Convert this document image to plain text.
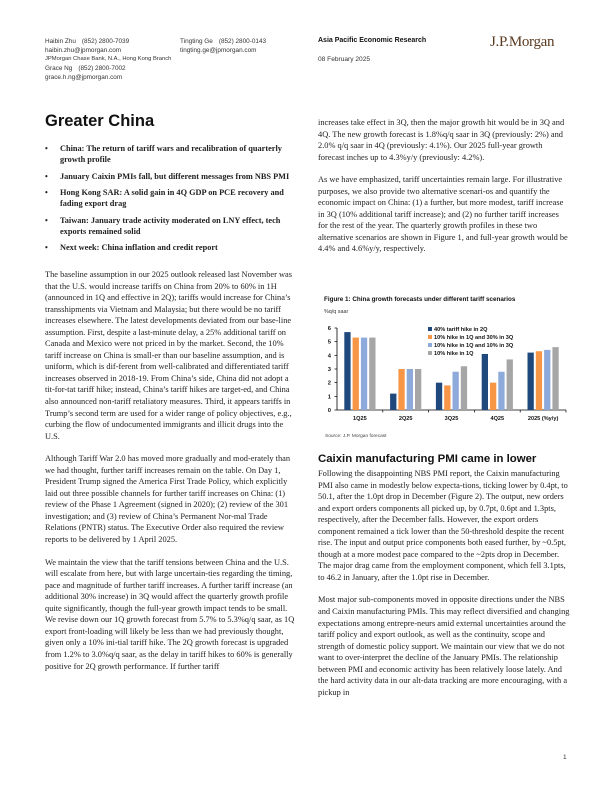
Haibin Zhu (852) 2800-7039
haibin.zhu@jpmorgan.com
JPMorgan Chase Bank, N.A., Hong Kong Branch
Grace Ng (852) 2800-7002
grace.h.ng@jpmorgan.com
Tingting Ge (852) 2800-0143
tingting.ge@jpmorgan.com
Asia Pacific Economic Research
08 February 2025
J.P.Morgan
Greater China
• China: The return of tariff wars and recalibration of quarterly growth profile
• January Caixin PMIs fall, but different messages from NBS PMI
• Hong Kong SAR: A solid gain in 4Q GDP on PCE recovery and fading export drag
• Taiwan: January trade activity moderated on LNY effect, tech exports remained solid
• Next week: China inflation and credit report

The baseline assumption in our 2025 outlook released last November was that the U.S. would increase tariffs on China from 20% to 60% in 1H (announced in 1Q and effective in 2Q); tariffs would increase for China’s transshipments via Vietnam and Malaysia; but there would be no tariff increases elsewhere. The latest developments deviated from our base-line assumption. First, despite a last-minute delay, a 25% additional tariff on Canada and Mexico were not priced in by the market. Second, the 10% tariff increase on China is small-er than our baseline assumption, and is uniform, which is dif-ferent from well-calibrated and differentiated tariff increases observed in 2018-19. From China’s side, China did not adopt a tit-for-tat tariff hike; instead, China’s tariff hikes are target-ed, and China also announced non-tariff retaliatory measures. Third, it appears tariffs in Trump’s second term are used for a wider range of policy objectives, e.g., curbing the flow of undocumented immigrants and illicit drugs into the U.S.

Although Tariff War 2.0 has moved more gradually and mod-erately than we had thought, further tariff increases remain on the table. On Day 1, President Trump signed the America First Trade Policy, which explicitly laid out three possible channels for further tariff increases on China: (1) review of the Phase 1 Agreement (signed in 2020); (2) review of the 301 investigation; and (3) review of China’s Permanent Nor-mal Trade Relations (PNTR) status. The Executive Order also required the review reports to be delivered by 1 April 2025.

We maintain the view that the tariff tensions between China and the U.S. will escalate from here, but with large uncertain-ties regarding the timing, pace and magnitude of further tariff increases. A further tariff increase (an additional 30% increase) in 3Q would affect the quarterly growth profile quite significantly, though the full-year growth impact tends to be small. We revise down our 1Q growth forecast from 5.7% to 5.3%q/q saar, as 1Q export front-loading will likely be less than we had previously thought, given only a 10% ini-tial tariff hike. The 2Q growth forecast is upgraded from 1.2% to 3.0%q/q saar, as the delay in tariff hikes to 60% is generally positive for 2Q growth performance. If further tariff

increases take effect in 3Q, then the major growth hit would be in 3Q and 4Q. The new growth forecast is 1.8%q/q saar in 3Q (previously: 2%) and 2.0% q/q saar in 4Q (previously: 4.1%). Our 2025 full-year growth forecast inches up to 4.3%y/y (previously: 4.2%).

As we have emphasized, tariff uncertainties remain large. For illustrative purposes, we also provide two alternative scenari-os and quantify the economic impact on China: (1) a further, but more modest, tariff increase in 3Q (10% additional tariff increase); and (2) no further tariff increases for the rest of the year. The quarterly growth profiles in these two alternative scenarios are shown in Figure 1, and full-year growth would be 4.4% and 4.6%y/y, respectively.

Figure 1: China growth forecasts under different tariff scenarios
%q/q saar
0
1
2
3
4
5
6
1Q25	2Q25	3Q25	4Q25	2025 (%y/y)
40% tariff hike in 2Q
10% hike in 1Q and 30% in 3Q
10% hike in 1Q and 10% in 3Q
10% hike in 1Q
Source: J.P. Morgan forecast
Caixin manufacturing PMI came in lower

Following the disappointing NBS PMI report, the Caixin manufacturing PMI also came in modestly below expecta-tions, ticking lower by 0.4pt, to 50.1, after the 1.0pt drop in December (Figure 2). The output, new orders and export orders components all picked up, by 0.7pt, 0.6pt and 1.3pts, respectively, after the December falls. However, the export orders component remained a tick lower than the 50-threshold despite the recent rise. The input and output price components both eased further, by ~0.5pt, though at a more modest pace compared to the ~2pts drop in December. The major drag came from the employment component, which fell 3.1pts, to 46.2 in January, after the 1.0pt rise in December.

Most major sub-components moved in opposite directions under the NBS and Caixin manufacturing PMIs. This may reflect diversified and changing expectations among entrepre-neurs amid external uncertainties around the tariff policy and export outlook, as well as the continuity, scope and strength of domestic policy support. We maintain our view that we do not want to over-interpret the decline of the January PMIs. The relationship between PMI and economic activity has been relatively loose lately. And the hard activity data in our alt-data tracking are more encouraging, with a pickup in

1
